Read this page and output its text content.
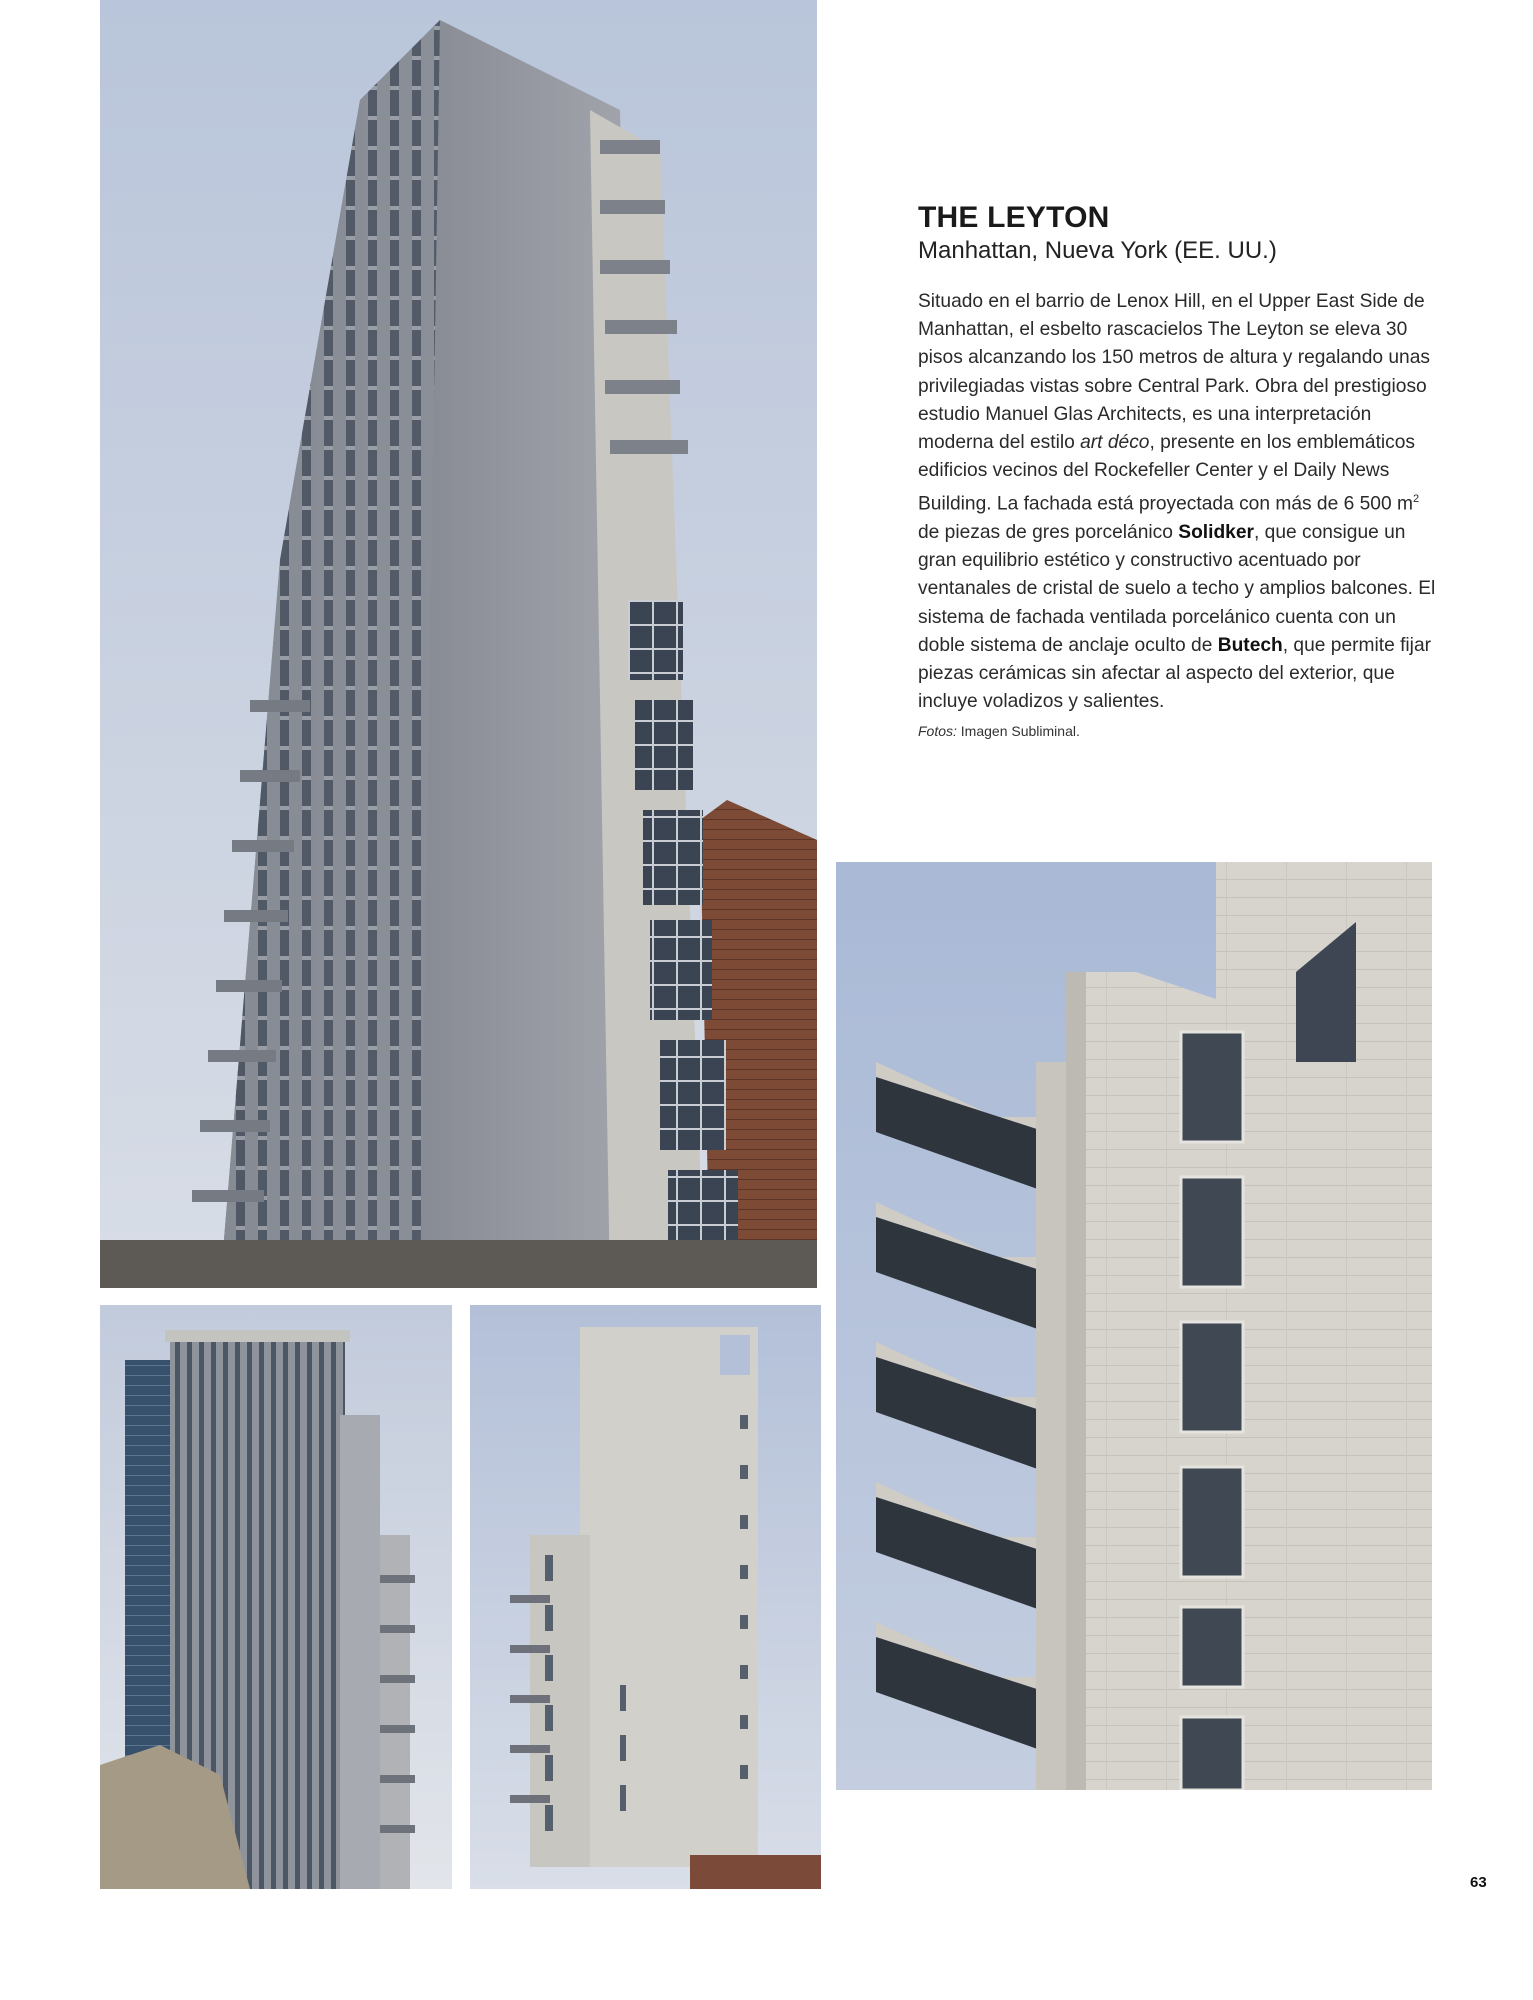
THE LEYTON
Manhattan, Nueva York (EE. UU.)

Situado en el barrio de Lenox Hill, en el Upper East Side de Manhattan, el esbelto rascacielos The Leyton se eleva 30 pisos alcanzando los 150 metros de altura y regalando unas privilegiadas vistas sobre Central Park. Obra del prestigioso estudio Manuel Glas Architects, es una interpretación moderna del estilo art déco, presente en los emblemáticos edificios vecinos del Rockefeller Center y el Daily News Building. La fachada está proyectada con más de 6 500 $m^2$ de piezas de gres porcelánico Solidker, que consigue un gran equilibrio estético y constructivo acentuado por ventanales de cristal de suelo a techo y amplios balcones. El sistema de fachada ventilada porcelánico cuenta con un doble sistema de anclaje oculto de Butech, que permite fijar piezas cerámicas sin afectar al aspecto del exterior, que incluye voladizos y salientes.

Fotos: Imagen Subliminal.

63
